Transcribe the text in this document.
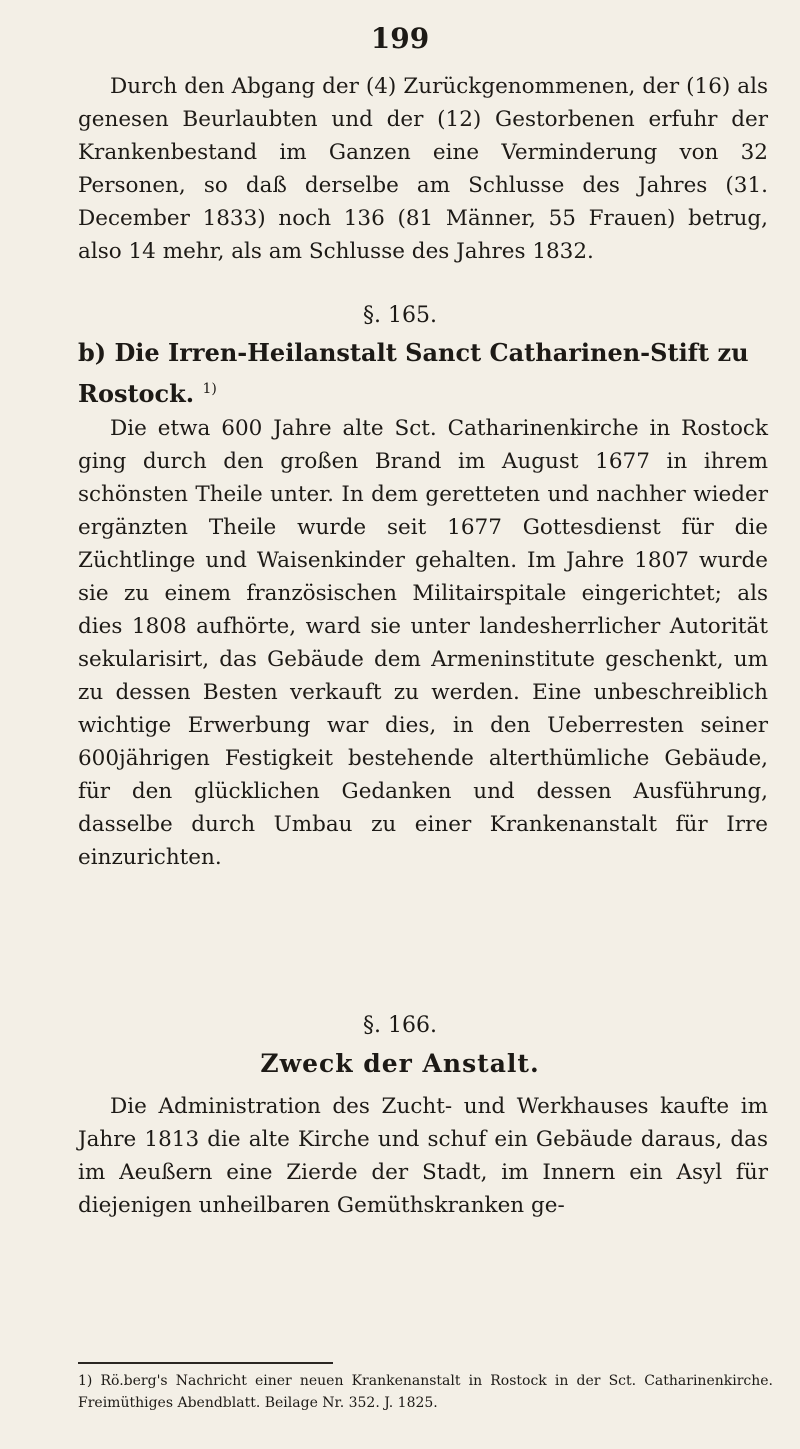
199

Durch den Abgang der (4) Zurückgenommenen, der (16) als genesen Beurlaubten und der (12) Gestorbenen erfuhr der Krankenbestand im Ganzen eine Verminderung von 32 Personen, so daß derselbe am Schlusse des Jahres (31. December 1833) noch 136 (81 Männer, 55 Frauen) betrug, also 14 mehr, als am Schlusse des Jahres 1832.

§. 165.

b) Die Irren-Heilanstalt Sanct Catharinen-Stift zu Rostock. $^{1)}$

Die etwa 600 Jahre alte Sct. Catharinenkirche in Rostock ging durch den großen Brand im August 1677 in ihrem schönsten Theile unter. In dem geretteten und nachher wieder ergänzten Theile wurde seit 1677 Gottesdienst für die Züchtlinge und Waisenkinder gehalten. Im Jahre 1807 wurde sie zu einem französischen Militairspitale eingerichtet; als dies 1808 aufhörte, ward sie unter landesherrlicher Autorität sekularisirt, das Gebäude dem Armeninstitute geschenkt, um zu dessen Besten verkauft zu werden. Eine unbeschreiblich wichtige Erwerbung war dies, in den Ueberresten seiner 600jährigen Festigkeit bestehende alterthümliche Gebäude, für den glücklichen Gedanken und dessen Ausführung, dasselbe durch Umbau zu einer Krankenanstalt für Irre einzurichten.

§. 166.

Zweck der Anstalt.

Die Administration des Zucht- und Werkhauses kaufte im Jahre 1813 die alte Kirche und schuf ein Gebäude daraus, das im Aeußern eine Zierde der Stadt, im Innern ein Asyl für diejenigen unheilbaren Gemüthskranken ge-

1) Rö.berg's Nachricht einer neuen Krankenanstalt in Rostock in der Sct. Catharinenkirche. Freimüthiges Abendblatt. Beilage Nr. 352. J. 1825.
